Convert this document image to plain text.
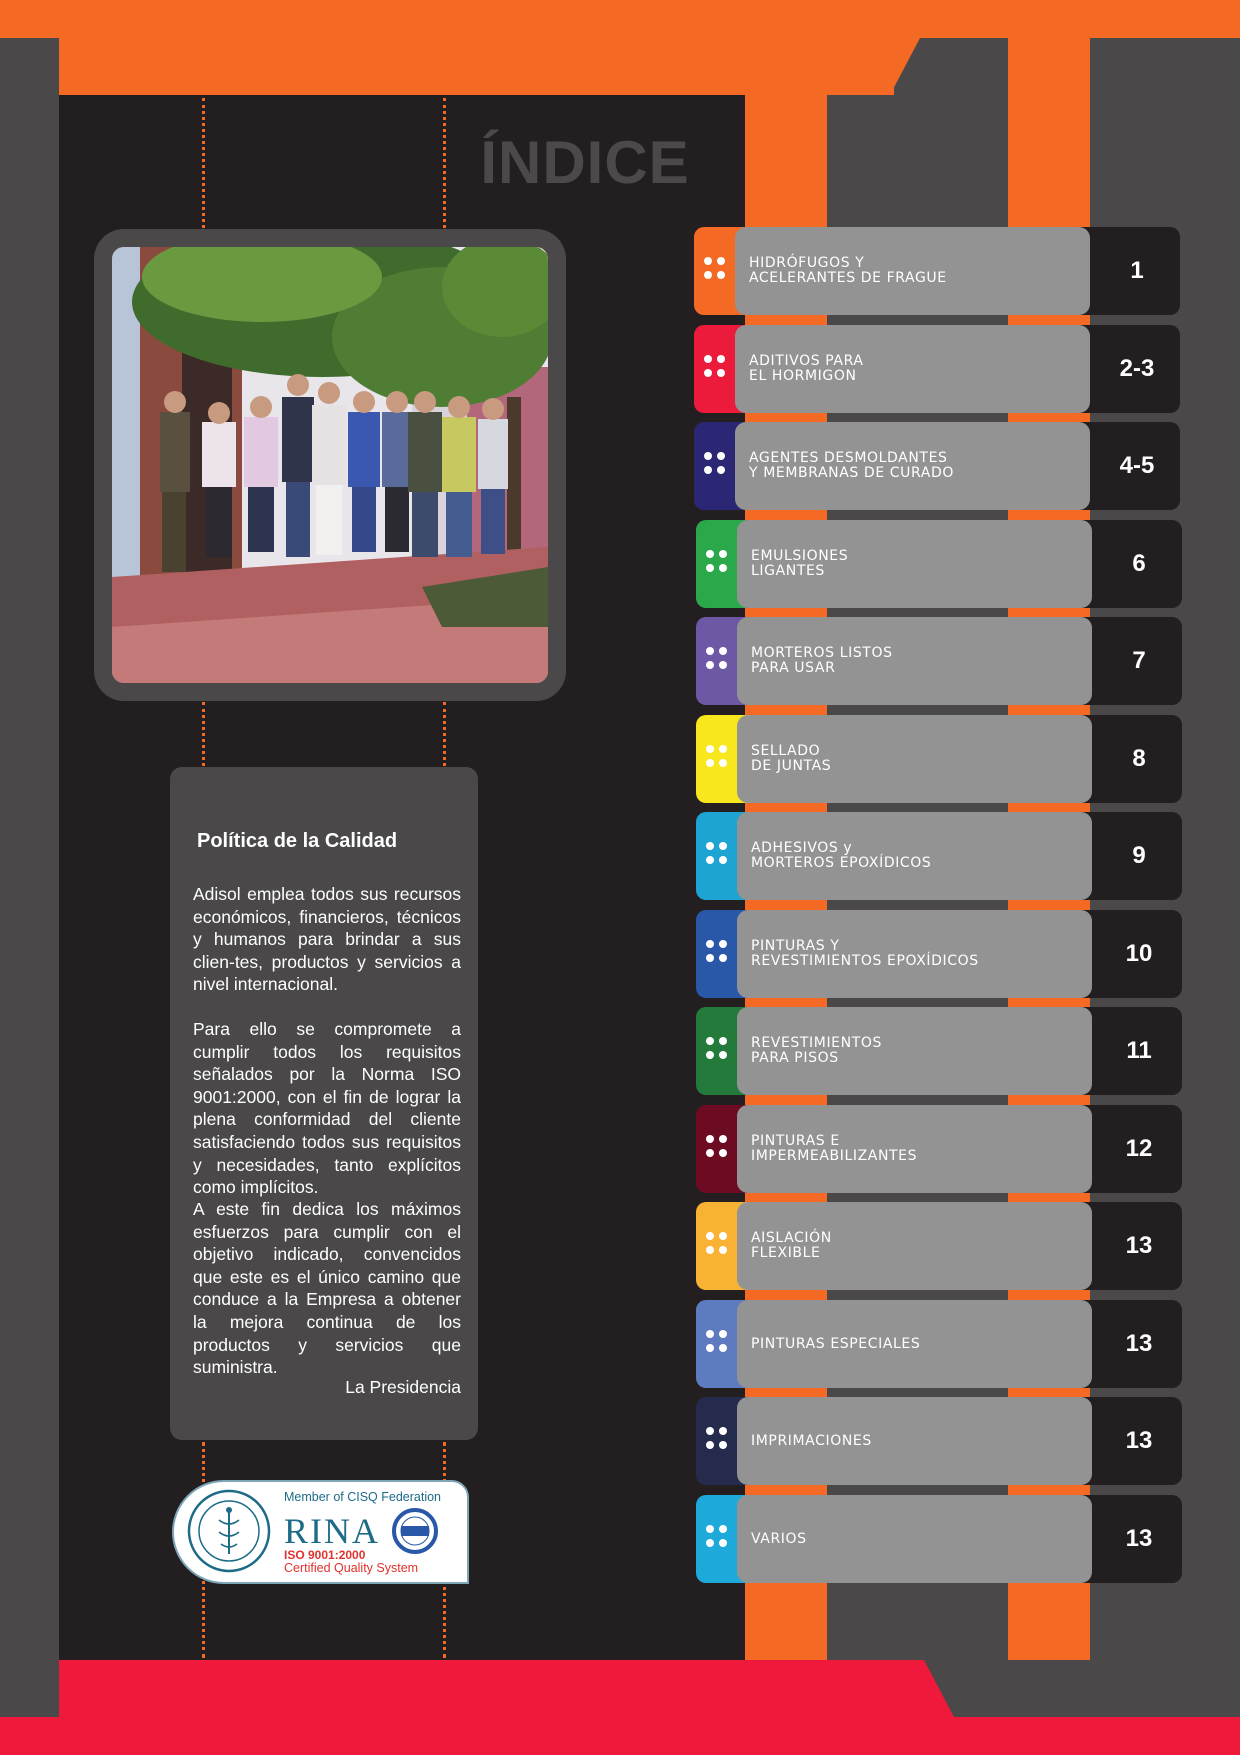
ÍNDICE
Política de la Calidad
Adisol emplea todos sus recursos económicos, financieros, técnicos y humanos para brindar a sus clien-tes, productos y servicios a nivel internacional.
Para ello se compromete a cumplir todos los requisitos señalados por la Norma ISO 9001:2000, con el fin de lograr la plena conformidad del cliente satisfaciendo todos sus requisitos y necesidades, tanto explícitos como implícitos.
A este fin dedica los máximos esfuerzos para cumplir con el objetivo indicado, convencidos que este es el único camino que conduce a la Empresa a obtener la mejora continua de los productos y servicios que suministra.
La Presidencia
Member of CISQ Federation
RINA
ISO 9001:2000
Certified Quality System
HIDRÓFUGOS Y
ACELERANTES DE FRAGUE	1
ADITIVOS PARA
EL HORMIGON	2-3
AGENTES DESMOLDANTES
Y MEMBRANAS DE CURADO	4-5
EMULSIONES
LIGANTES	6
MORTEROS LISTOS
PARA USAR	7
SELLADO
DE JUNTAS	8
ADHESIVOS y
MORTEROS EPOXÍDICOS	9
PINTURAS Y
REVESTIMIENTOS EPOXÍDICOS	10
REVESTIMIENTOS
PARA PISOS	11
PINTURAS E
IMPERMEABILIZANTES	12
AISLACIÓN
FLEXIBLE	13
PINTURAS ESPECIALES	13
IMPRIMACIONES	13
VARIOS	13
